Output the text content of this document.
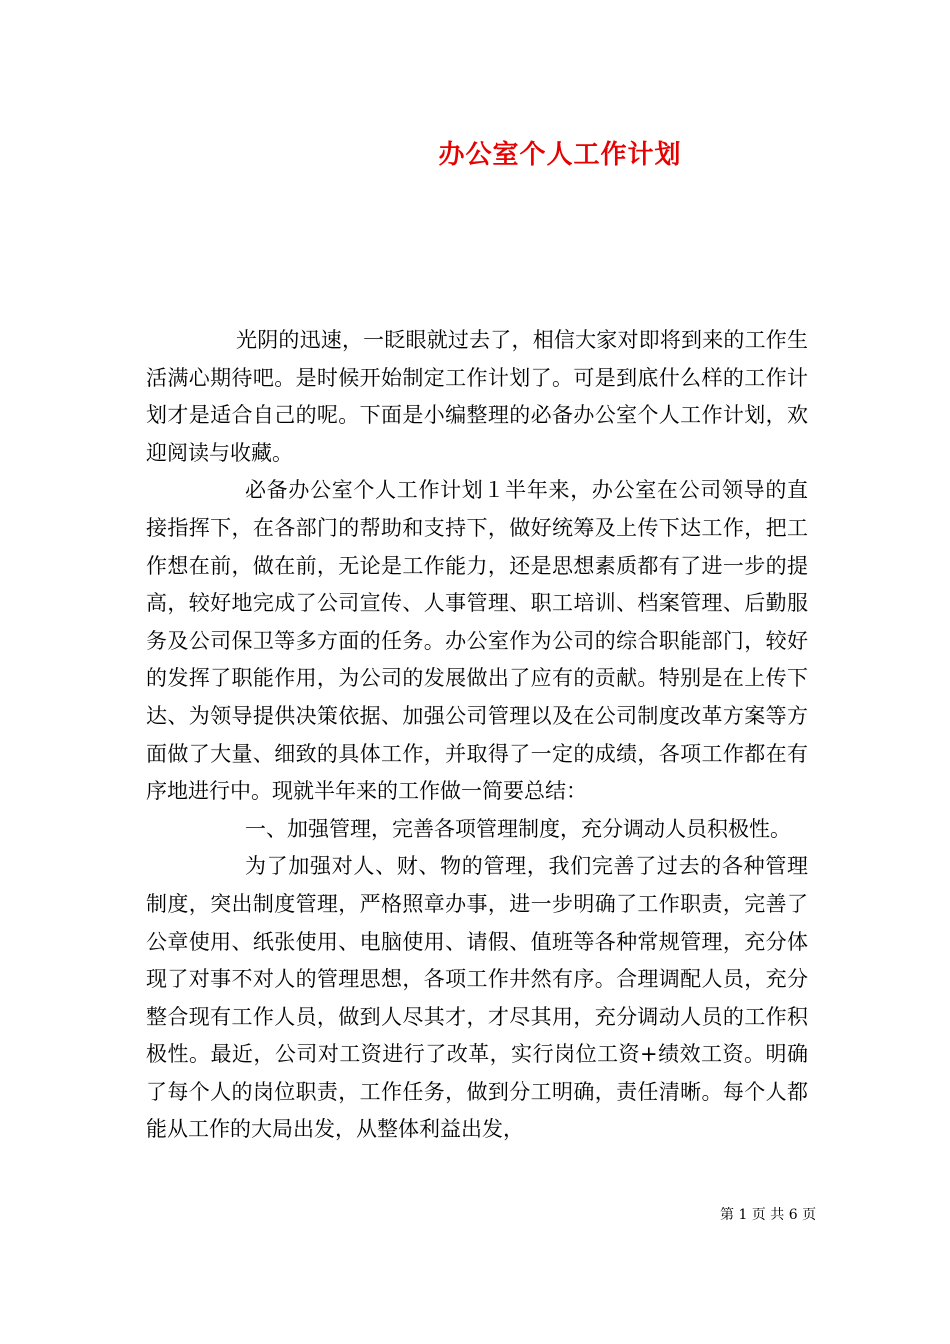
办公室个人工作计划

光阴的迅速，一眨眼就过去了，相信大家对即将到来的工作生活满心期待吧。是时候开始制定工作计划了。可是到底什么样的工作计划才是适合自己的呢。下面是小编整理的必备办公室个人工作计划，欢迎阅读与收藏。

必备办公室个人工作计划１半年来，办公室在公司领导的直接指挥下，在各部门的帮助和支持下，做好统筹及上传下达工作，把工作想在前，做在前，无论是工作能力，还是思想素质都有了进一步的提高，较好地完成了公司宣传、人事管理、职工培训、档案管理、后勤服务及公司保卫等多方面的任务。办公室作为公司的综合职能部门，较好的发挥了职能作用，为公司的发展做出了应有的贡献。特别是在上传下达、为领导提供决策依据、加强公司管理以及在公司制度改革方案等方面做了大量、细致的具体工作，并取得了一定的成绩，各项工作都在有序地进行中。现就半年来的工作做一简要总结：

一、加强管理，完善各项管理制度，充分调动人员积极性。

为了加强对人、财、物的管理，我们完善了过去的各种管理制度，突出制度管理，严格照章办事，进一步明确了工作职责，完善了公章使用、纸张使用、电脑使用、请假、值班等各种常规管理，充分体现了对事不对人的管理思想，各项工作井然有序。合理调配人员，充分整合现有工作人员，做到人尽其才，才尽其用，充分调动人员的工作积极性。最近，公司对工资进行了改革，实行岗位工资+绩效工资。明确了每个人的岗位职责，工作任务，做到分工明确，责任清晰。每个人都能从工作的大局出发，从整体利益出发，

第 1 页 共 6 页
